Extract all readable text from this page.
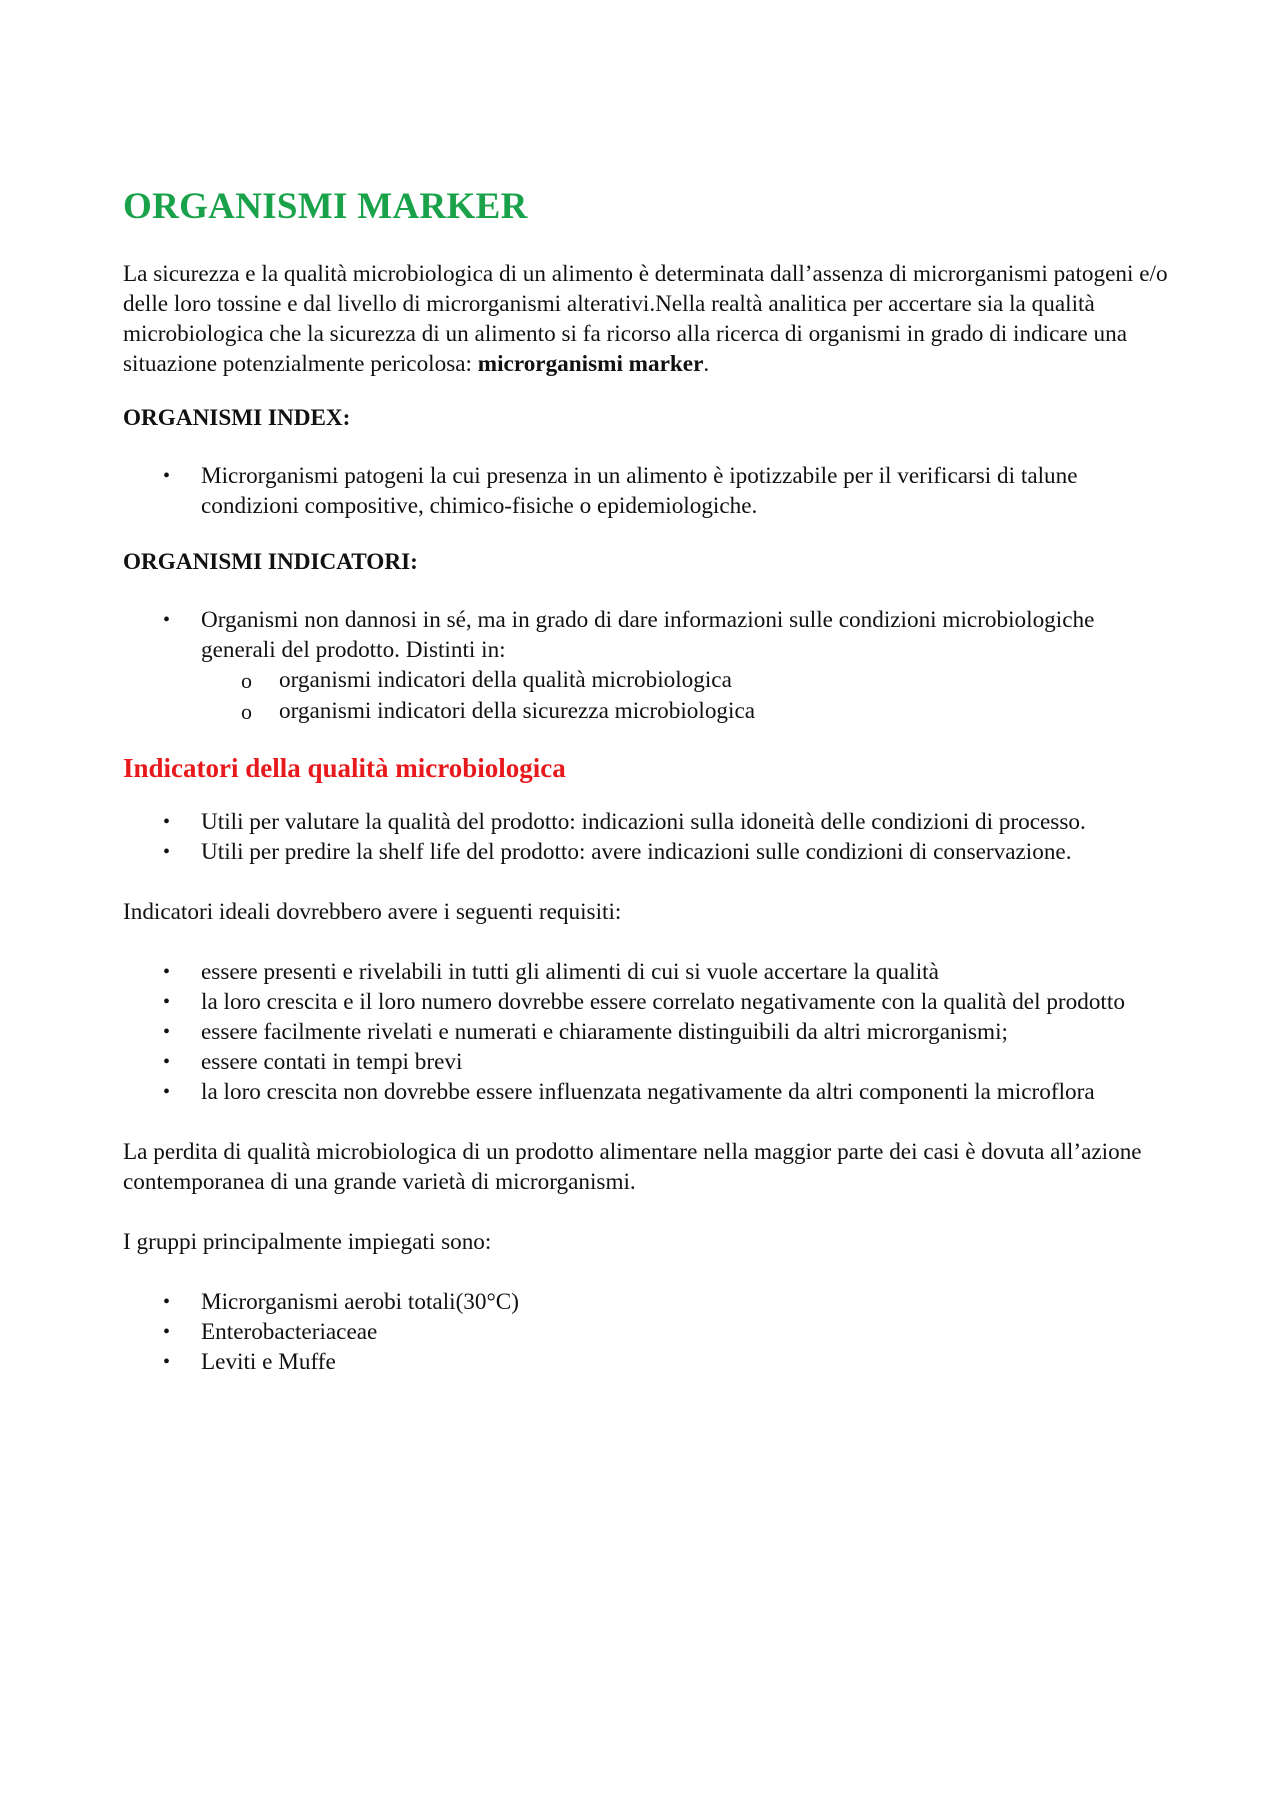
ORGANISMI MARKER

La sicurezza e la qualità microbiologica di un alimento è determinata dall’assenza di microrganismi patogeni e/o delle loro tossine e dal livello di microrganismi alterativi.Nella realtà analitica per accertare sia la qualità microbiologica che la sicurezza di un alimento si fa ricorso alla ricerca di organismi in grado di indicare una situazione potenzialmente pericolosa: microrganismi marker.

ORGANISMI INDEX:

• Microrganismi patogeni la cui presenza in un alimento è ipotizzabile per il verificarsi di talune condizioni compositive, chimico-fisiche o epidemiologiche.

ORGANISMI INDICATORI:

• Organismi non dannosi in sé, ma in grado di dare informazioni sulle condizioni microbiologiche generali del prodotto. Distinti in:
o organismi indicatori della qualità microbiologica
o organismi indicatori della sicurezza microbiologica

Indicatori della qualità microbiologica

• Utili per valutare la qualità del prodotto: indicazioni sulla idoneità delle condizioni di processo.
• Utili per predire la shelf life del prodotto: avere indicazioni sulle condizioni di conservazione.

Indicatori ideali dovrebbero avere i seguenti requisiti:

• essere presenti e rivelabili in tutti gli alimenti di cui si vuole accertare la qualità
• la loro crescita e il loro numero dovrebbe essere correlato negativamente con la qualità del prodotto
• essere facilmente rivelati e numerati e chiaramente distinguibili da altri microrganismi;
• essere contati in tempi brevi
• la loro crescita non dovrebbe essere influenzata negativamente da altri componenti la microflora

La perdita di qualità microbiologica di un prodotto alimentare nella maggior parte dei casi è dovuta all’azione contemporanea di una grande varietà di microrganismi.

I gruppi principalmente impiegati sono:

• Microrganismi aerobi totali(30°C)
• Enterobacteriaceae
• Leviti e Muffe
